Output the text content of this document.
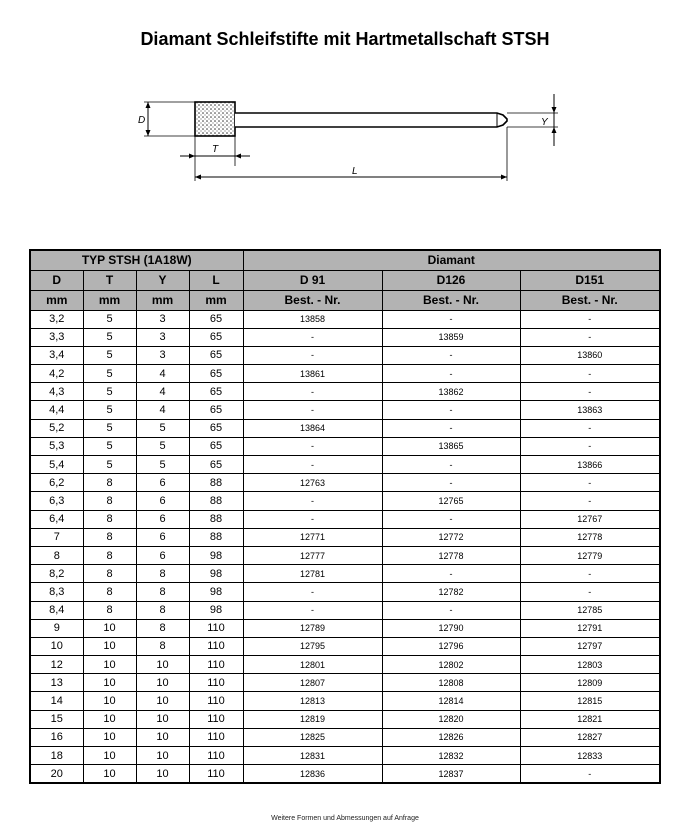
Diamant Schleifstifte mit Hartmetallschaft STSH
D	Y
T
L
TYP STSH (1A18W)				Diamant		
D	T	Y	L	D 91	D126	D151
mm	mm	mm	mm	Best. - Nr.	Best. - Nr.	Best. - Nr.
3,2	5	3	65	13858	-	-
3,3	5	3	65	-	13859	-
3,4	5	3	65	-	-	13860
4,2	5	4	65	13861	-	-
4,3	5	4	65	-	13862	-
4,4	5	4	65	-	-	13863
5,2	5	5	65	13864	-	-
5,3	5	5	65	-	13865	-
5,4	5	5	65	-	-	13866
6,2	8	6	88	12763	-	-
6,3	8	6	88	-	12765	-
6,4	8	6	88	-	-	12767
7	8	6	88	12771	12772	12778
8	8	6	98	12777	12778	12779
8,2	8	8	98	12781	-	-
8,3	8	8	98	-	12782	-
8,4	8	8	98	-	-	12785
9	10	8	110	12789	12790	12791
10	10	8	110	12795	12796	12797
12	10	10	110	12801	12802	12803
13	10	10	110	12807	12808	12809
14	10	10	110	12813	12814	12815
15	10	10	110	12819	12820	12821
16	10	10	110	12825	12826	12827
18	10	10	110	12831	12832	12833
20	10	10	110	12836	12837	-
Weitere Formen und Abmessungen auf Anfrage
